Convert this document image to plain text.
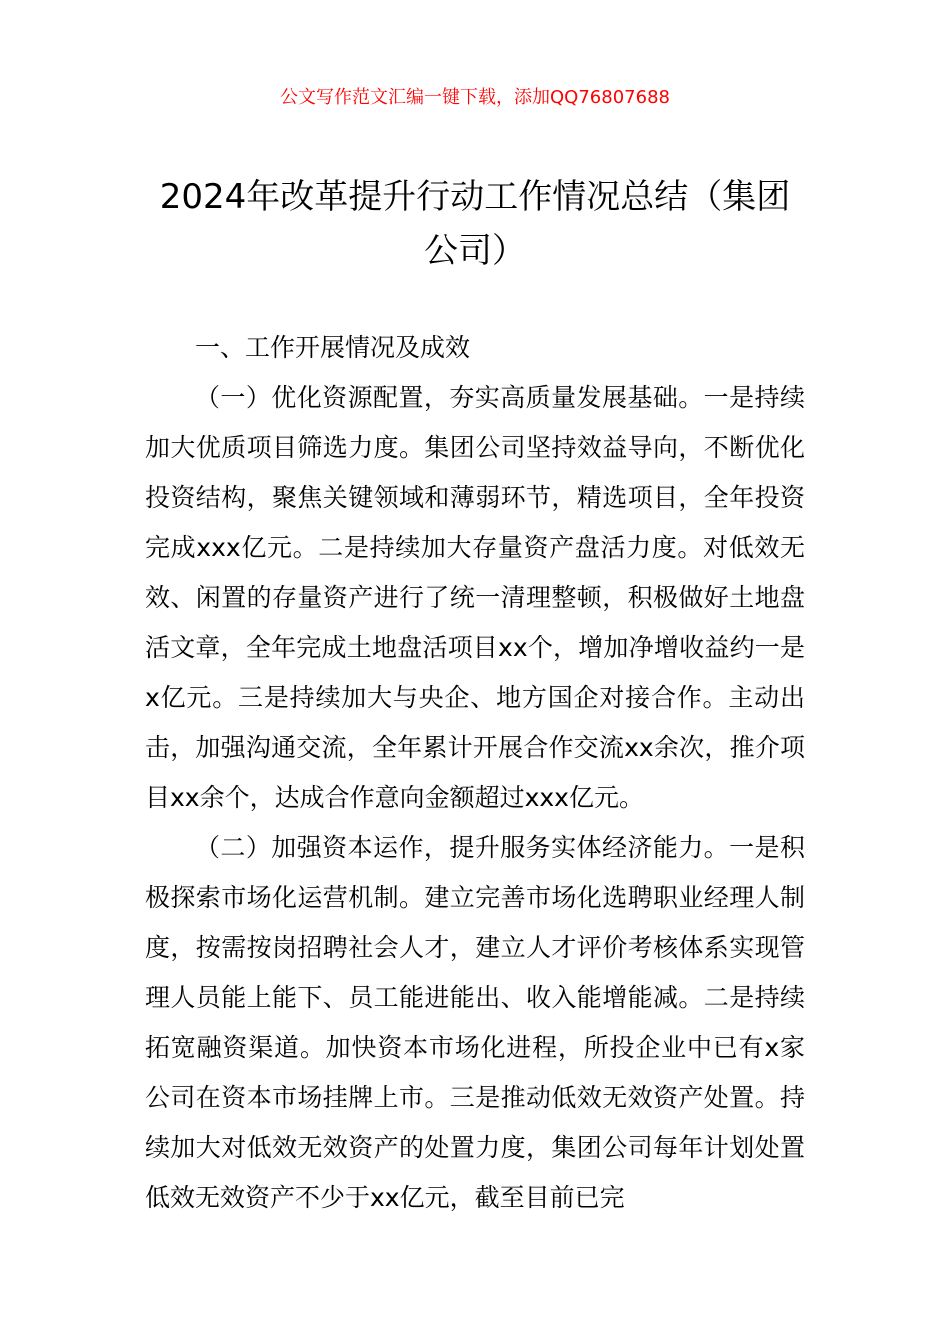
公文写作范文汇编一键下载，添加QQ76807688
2024年改革提升行动工作情况总结（集团公司）

一、工作开展情况及成效

（一）优化资源配置，夯实高质量发展基础。一是持续加大优质项目筛选力度。集团公司坚持效益导向，不断优化投资结构，聚焦关键领域和薄弱环节，精选项目，全年投资完成xxx亿元。二是持续加大存量资产盘活力度。对低效无效、闲置的存量资产进行了统一清理整顿，积极做好土地盘活文章，全年完成土地盘活项目xx个，增加净增收益约一是x亿元。三是持续加大与央企、地方国企对接合作。主动出击，加强沟通交流，全年累计开展合作交流xx余次，推介项目xx余个，达成合作意向金额超过xxx亿元。

（二）加强资本运作，提升服务实体经济能力。一是积极探索市场化运营机制。建立完善市场化选聘职业经理人制度，按需按岗招聘社会人才，建立人才评价考核体系实现管理人员能上能下、员工能进能出、收入能增能减。二是持续拓宽融资渠道。加快资本市场化进程，所投企业中已有x家公司在资本市场挂牌上市。三是推动低效无效资产处置。持续加大对低效无效资产的处置力度，集团公司每年计划处置低效无效资产不少于xx亿元，截至目前已完
